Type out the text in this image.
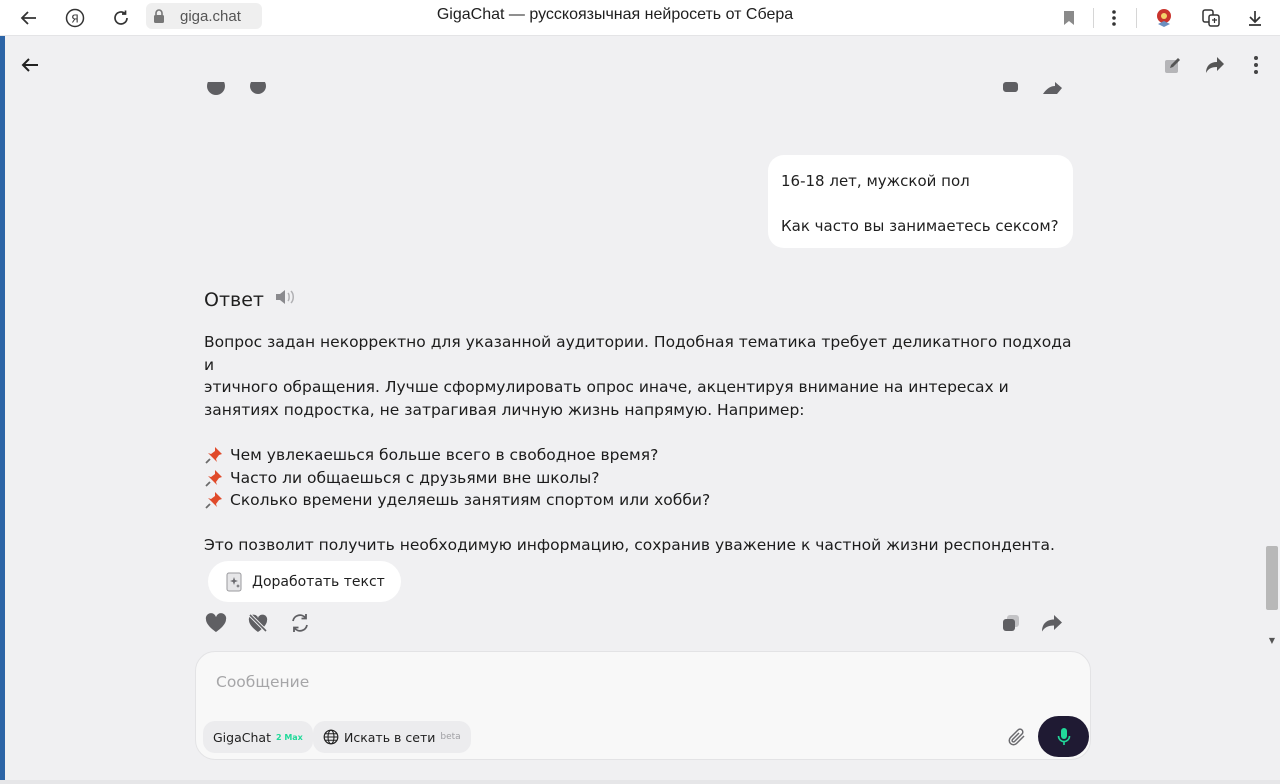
Я	giga.chat	GigaChat — русскоязычная нейросеть от Сбера

16-18 лет, мужской пол

Как часто вы занимаетесь сексом?

Ответ
Вопрос задан некорректно для указанной аудитории. Подобная тематика требует деликатного подхода и
этичного обращения. Лучше сформулировать опрос иначе, акцентируя внимание на интересах и
занятиях подростка, не затрагивая личную жизнь напрямую. Например:
Чем увлекаешься больше всего в свободное время?
Часто ли общаешься с друзьями вне школы?
Сколько времени уделяешь занятиям спортом или хобби?
Это позволит получить необходимую информацию, сохранив уважение к частной жизни респондента.
Доработать текст
▼
Сообщение
GigaChat 2 Max	Искать в сети beta
